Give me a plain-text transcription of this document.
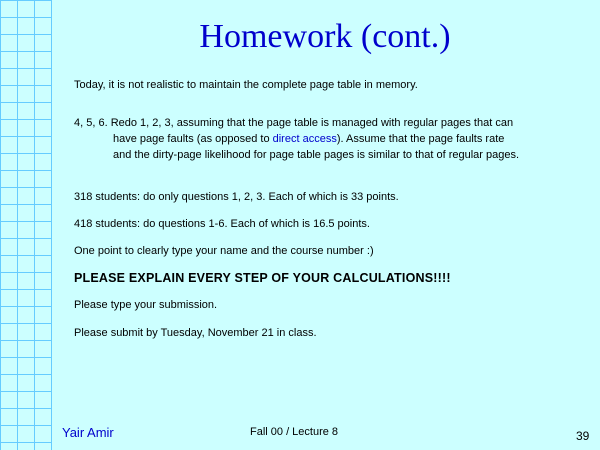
Homework (cont.)

Today, it is not realistic to maintain the complete page table in memory.

4, 5, 6. Redo 1, 2, 3, assuming that the page table is managed with regular pages that can
have page faults (as opposed to direct access). Assume that the page faults rate
and the dirty-page likelihood for page table pages is similar to that of regular pages.

318 students: do only questions 1, 2, 3. Each of which is 33 points.

418 students: do questions 1-6. Each of which is 16.5 points.

One point to clearly type your name and the course number :)

PLEASE EXPLAIN EVERY STEP OF YOUR CALCULATIONS!!!!

Please type your submission.

Please submit by Tuesday, November 21 in class.

Yair Amir	Fall 00 / Lecture 8	39
